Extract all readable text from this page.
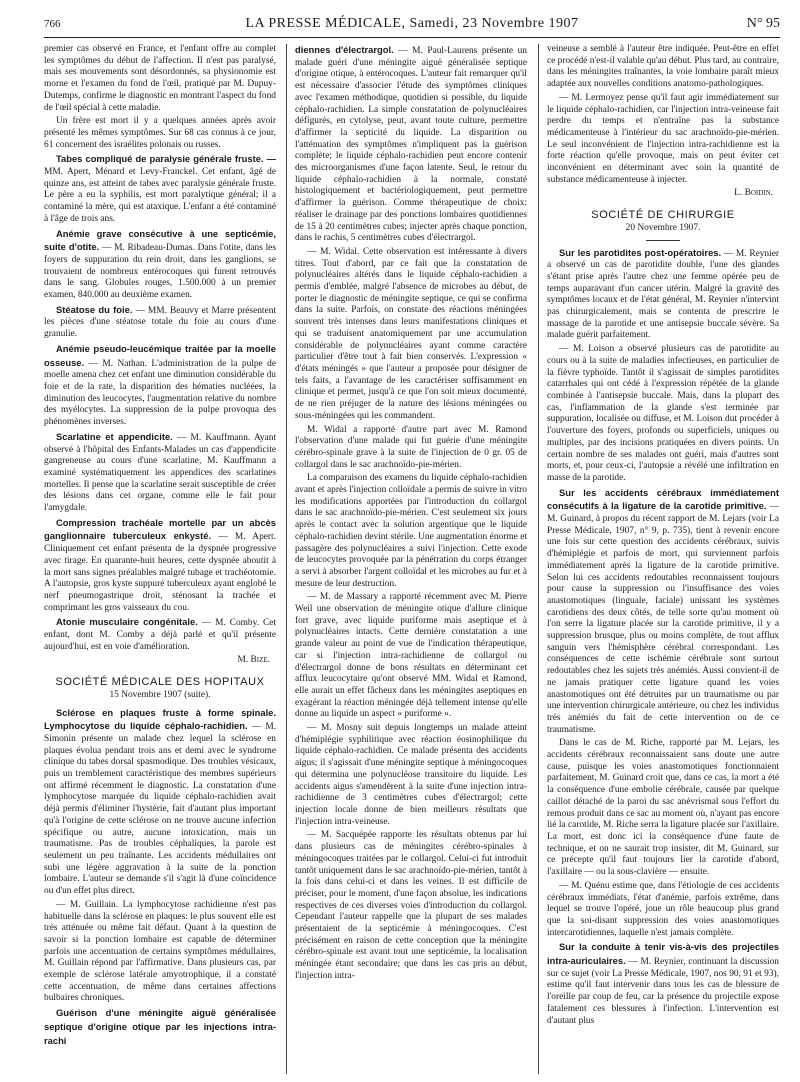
766	LA PRESSE MÉDICALE, Samedi, 23 Novembre 1907	N° 95

premier cas observé en France, et l'enfant offre au complet les symptômes du début de l'affection. Il n'est pas paralysé, mais ses mouvements sont désordonnés, sa physionomie est morne et l'examen du fond de l'œil, pratiqué par M. Dupuy-Dutemps, confirme le diagnostic en montrant l'aspect du fond de l'œil spécial à cette maladie.

Un frère est mort il y a quelques années après avoir présenté les mêmes symptômes. Sur 68 cas connus à ce jour, 61 concernent des israélites polonais ou russes.

Tabes compliqué de paralysie générale fruste. — MM. Apert, Ménard et Levy-Franckel. Cet enfant, âgé de quinze ans, est atteint de tabes avec paralysie générale fruste. Le père a eu la syphilis, est mort paralytique général; il a contaminé la mère, qui est ataxique. L'enfant a été contaminé à l'âge de trois ans.

Anémie grave consécutive à une septicémie, suite d'otite. — M. Ribadeau-Dumas. Dans l'otite, dans les foyers de suppuration du rein droit, dans les ganglions, se trouvaient de nombreux entérocoques qui furent retrouvés dans le sang. Globules rouges, 1.500.000 à un premier examen, 840.000 au deuxième examen.

Stéatose du foie. — MM. Beauvy et Marre présentent les pièces d'une stéatose totale du foie au cours d'une granulie.

Anémie pseudo-leucémique traitée par la moelle osseuse. — M. Nathan. L'administration de la pulpe de moelle amena chez cet enfant une diminution considérable du foie et de la rate, la disparition des hématies nucléées, la diminution des leucocytes, l'augmentation relative du nombre des myélocytes. La suppression de la pulpe provoqua des phénomènes inverses.

Scarlatine et appendicite. — M. Kauffmann. Ayant observé à l'hôpital des Enfants-Malades un cas d'appendicite gangreneuse au cours d'une scarlatine, M. Kauffmann a examiné systématiquement les appendices des scarlatines mortelles. Il pense que la scarlatine serait susceptible de créer des lésions dans cet organe, comme elle le fait pour l'amygdale.

Compression trachéale mortelle par un abcès ganglionnaire tuberculeux enkysté. — M. Apert. Cliniquement cet enfant présenta de la dyspnée progressive avec tirage. En quarante-huit heures, cette dyspnée aboutit à la mort sans signes préalables malgré tubage et trachéotomie. A l'autopsie, gros kyste suppuré tuberculeux ayant englobé le nerf pneumogastrique droit, sténosant la trachée et comprimant les gros vaisseaux du cou.

Atonie musculaire congénitale. — M. Comby. Cet enfant, dont M. Comby a déjà parlé et qu'il présente aujourd'hui, est en voie d'amélioration.

M. Bize.

SOCIÉTÉ MÉDICALE DES HOPITAUX
15 Novembre 1907 (suite).

Sclérose en plaques fruste à forme spinale. Lymphocytose du liquide céphalo-rachidien. — M. Simonin présente un malade chez lequel la sclérose en plaques évolua pendant trois ans et demi avec le syndrome clinique du tabes dorsal spasmodique. Des troubles vésicaux, puis un tremblement caractéristique des membres supérieurs ont affirmé récemment le diagnostic. La constatation d'une lymphocytose marquée du liquide céphalo-rachidien avait déjà permis d'éliminer l'hystérie, fait d'autant plus important qu'à l'origine de cette sclérose on ne trouve aucune infection spécifique ou autre, aucune intoxication, mais un traumatisme. Pas de troubles céphaliques, la parole est seulement un peu traînante. Les accidents médullaires ont subi une légère aggravation à la suite de la ponction lombaire. L'auteur se demande s'il s'agit là d'une coïncidence ou d'un effet plus direct.

— M. Guillain. La lymphocytose rachidienne n'est pas habituelle dans la sclérose en plaques: le plus souvent elle est très atténuée ou même fait défaut. Quant à la question de savoir si la ponction lombaire est capable de déterminer parfois une accentuation de certains symptômes médullaires, M. Guillain répond par l'affirmative. Dans plusieurs cas, par exemple de sclérose latérale amyotrophique, il a constaté cette accentuation, de même dans certaines affections bulbaires chroniques.

Guérison d'une méningite aiguë généralisée septique d'origine otique par les injections intra-rachi

diennes d'électrargol. — M. Paul-Laurens présente un malade guéri d'une méningite aiguë généralisée septique d'origine otique, à entérocoques. L'auteur fait remarquer qu'il est nécessaire d'associer l'étude des symptômes cliniques avec l'examen méthodique, quotidien si possible, du liquide céphalo-rachidien. La simple constatation de polynucléaires défigurés, en cytolyse, peut, avant toute culture, permettre d'affirmer la septicité du liquide. La disparition ou l'atténuation des symptômes n'impliquent pas la guérison complète; le liquide céphalo-rachidien peut encore contenir des microorganismes d'une façon latente. Seul, le retour du liquide céphalo-rachidien à la normale, constaté histologiquement et bactériologiquement, peut permettre d'affirmer la guérison. Comme thérapeutique de choix: réaliser le drainage par des ponctions lombaires quotidiennes de 15 à 20 centimètres cubes; injecter après chaque ponction, dans le rachis, 5 centimètres cubes d'électrargol.

— M. Widal. Cette observation est intéressante à divers titres. Tout d'abord, par ce fait que la constatation de polynucléaires altérés dans le liquide céphalo-rachidien a permis d'emblée, malgré l'absence de microbes au début, de porter le diagnostic de méningite septique, ce qui se confirma dans la suite. Parfois, on constate des réactions méningées souvent très intenses dans leurs manifestations cliniques et qui se traduisent anatomiquement par une accumulation considérable de polynucléaires ayant comme caractère particulier d'être tout à fait bien conservés. L'expression « d'états méningés » que l'auteur a proposée pour désigner de tels faits, a l'avantage de les caractériser suffisamment en clinique et permet, jusqu'à ce que l'on soit mieux documenté, de ne rien préjuger de la nature des lésions méningées ou sous-méningées qui les commandent.

M. Widal a rapporté d'autre part avec M. Ramond l'observation d'une malade qui fut guérie d'une méningite cérébro-spinale grave à la suite de l'injection de 0 gr. 05 de collargol dans le sac arachnoïdo-pie-mérien.

La comparaison des examens du liquide céphalo-rachidien avant et après l'injection colloïdale a permis de suivre in vitro les modifications apportées par l'introduction du collargol dans le sac arachnoïdo-pie-mérien. C'est seulement six jours après le contact avec la solution argentique que le liquide céphalo-rachidien devint stérile. Une augmentation énorme et passagère des polynucléaires a suivi l'injection. Cette exode de leucocytes provoquée par la pénétration du corps étranger a servi à absorber l'argent colloïdal et les microbes au fur et à mesure de leur destruction.

— M. de Massary a rapporté récemment avec M. Pierre Weil une observation de méningite otique d'allure clinique fort grave, avec liquide puriforme mais aseptique et à polynucléaires intacts. Cette dernière constatation a une grande valeur au point de vue de l'indication thérapeutique, car si l'injection intra-rachidienne de collargol ou d'électrargol donne de bons résultats en déterminant cet afflux leucocytaire qu'ont observé MM. Widal et Ramond, elle aurait un effet fâcheux dans les méningites aseptiques en exagérant la réaction méningée déjà tellement intense qu'elle donne au liquide un aspect « puriforme ».

— M. Mosny suit depuis longtemps un malade atteint d'hémiplégie syphilitique avec réaction éosinophilique du liquide céphalo-rachidien. Ce malade présenta des accidents aigus; il s'agissait d'une méningite septique à méningocoques qui détermina une polynucléose transitoire du liquide. Les accidents aigus s'amendèrent à la suite d'une injection intra-rachidienne de 3 centimètres cubes d'électrargol; cette injection locale donne de bien meilleurs résultats que l'injection intra-veineuse.

— M. Sacquépée rapporte les résultats obtenus par lui dans plusieurs cas de méningites cérébro-spinales à méningocoques traitées par le collargol. Celui-ci fut introduit tantôt uniquement dans le sac arachnoïdo-pie-mérien, tantôt à la fois dans celui-ci et dans les veines. Il est difficile de préciser, pour le moment, d'une façon absolue, les indications respectives de ces diverses voies d'introduction du collargol. Cependant l'auteur rappelle que la plupart de ses malades présentaient de la septicémie à méningocoques. C'est précisément en raison de cette conception que la méningite cérébro-spinale est avant tout une septicémie, la localisation méningée étant secondaire; que dans les cas pris au début, l'injection intra-

veineuse a semblé à l'auteur être indiquée. Peut-être en effet ce procédé n'est-il valable qu'au début. Plus tard, au contraire, dans les méningites traînantes, la voie lombaire paraît mieux adaptée aux nouvelles conditions anatomo-pathologiques.

— M. Lermoyez pense qu'il faut agir immédiatement sur le liquide céphalo-rachidien, car l'injection intra-veineuse fait perdre du temps et n'entraîne pas la substance médicamenteuse à l'intérieur du sac arachnoïdo-pie-mérien. Le seul inconvénient de l'injection intra-rachidienne est la forte réaction qu'elle provoque, mais on peut éviter cet inconvénient en déterminant avec soin la quantité de substance médicamenteuse à injecter.

L. Boidin.

SOCIÉTÉ DE CHIRURGIE
20 Novembre 1907.

Sur les parotidites post-opératoires. — M. Reynier a observé un cas de parotidite double, l'une des glandes s'étant prise après l'autre chez une femme opérée peu de temps auparavant d'un cancer utérin. Malgré la gravité des symptômes locaux et de l'état général, M. Reynier n'intervint pas chirurgicalement, mais se contenta de prescrire le massage de la parotide et une antisepsie buccale sévère. Sa malade guérit parfaitement.

— M. Loison a observé plusieurs cas de parotidite au cours ou à la suite de maladies infectieuses, en particulier de la fièvre typhoïde. Tantôt il s'agissait de simples parotidites catarrhales qui ont cédé à l'expression répétée de la glande combinée à l'antisepsie buccale. Mais, dans la plupart des cas, l'inflammation de la glande s'est terminée par suppuration, localisée ou diffuse, et M. Loison dut procéder à l'ouverture des foyers, profonds ou superficiels, uniques ou multiples, par des incisions pratiquées en divers points. Un certain nombre de ses malades ont guéri, mais d'autres sont morts, et, pour ceux-ci, l'autopsie a révélé une infiltration en masse de la parotide.

Sur les accidents cérébraux immédiatement consécutifs à la ligature de la carotide primitive. — M. Guinard, à propos du récent rapport de M. Lejars (voir La Presse Médicale, 1907, n° 9, p. 735), tient à revenir encore une fois sur cette question des accidents cérébraux, suivis d'hémiplégie et parfois de mort, qui surviennent parfois immédiatement après la ligature de la carotide primitive. Selon lui ces accidents redoutables reconnaissent toujours pour cause la suppression ou l'insuffisance des voies anastomotiques (linguale, faciale) unissant les systèmes carotidiens des deux côtés, de telle sorte qu'au moment où l'on serre la ligature placée sur la carotide primitive, il y a suppression brusque, plus ou moins complète, de tout afflux sanguin vers l'hémisphère cérébral correspondant. Les conséquences de cette ischémie cérébrale sont surtout redoutables chez les sujets très anémiés. Aussi convient-il de ne jamais pratiquer cette ligature quand les voies anastomotiques ont été détruites par un traumatisme ou par une intervention chirurgicale antérieure, ou chez les individus très anémiés du fait de cette intervention ou de ce traumatisme.

Dans le cas de M. Riche, rapporté par M. Lejars, les accidents cérébraux reconnaissaient sans doute une autre cause, puisque les voies anastomotiques fonctionnaient parfaitement, M. Guinard croit que, dans ce cas, la mort a été la conséquence d'une embolie cérébrale, causée par quelque caillot détaché de la paroi du sac anévrismal sous l'effort du remous produit dans ce sac au moment où, n'ayant pas encore lié la carotide, M. Riche serra la ligature placée sur l'axillaire. La mort, est donc ici la conséquence d'une faute de technique, et on ne saurait trop insister, dit M. Guinard, sur ce précepte qu'il faut toujours lier la carotide d'abord, l'axillaire — ou la sous-clavière — ensuite.

— M. Quénu estime que, dans l'étiologie de ces accidents cérébraux immédiats, l'état d'anémie, parfois extrême, dans lequel se trouve l'opéré, joue un rôle beaucoup plus grand que la soi-disant suppression des voies anastomotiques intercarotidiennes, laquelle n'est jamais complète.

Sur la conduite à tenir vis-à-vis des projectiles intra-auriculaires. — M. Reynier, continuant la discussion sur ce sujet (voir La Presse Médicale, 1907, nos 90, 91 et 93), estime qu'il faut intervenir dans tous les cas de blessure de l'oreille par coup de feu, car la présence du projectile expose fatalement ces blessures à l'infection. L'intervention est d'autant plus
